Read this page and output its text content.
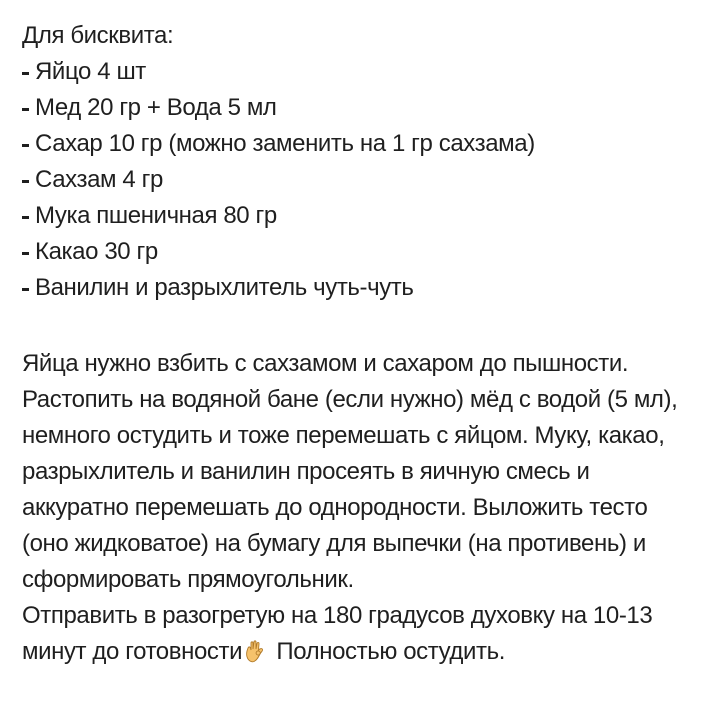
Для бисквита:

Яйцо 4 шт
Мед 20 гр + Вода 5 мл
Сахар 10 гр (можно заменить на 1 гр сахзама)
Сахзам 4 гр
Мука пшеничная 80 гр
Какао 30 гр
Ванилин и разрыхлитель чуть-чуть

Яйца нужно взбить с сахзамом и сахаром до пышности. Растопить на водяной бане (если нужно) мёд с водой (5 мл), немного остудить и тоже перемешать с яйцом. Муку, какао, разрыхлитель и ванилин просеять в яичную смесь и аккуратно перемешать до однородности. Выложить тесто (оно жидковатое) на бумагу для выпечки (на противень) и сформировать прямоугольник.

Отправить в разогретую на 180 градусов духовку на 10-13 минут до готовности Полностью остудить.
